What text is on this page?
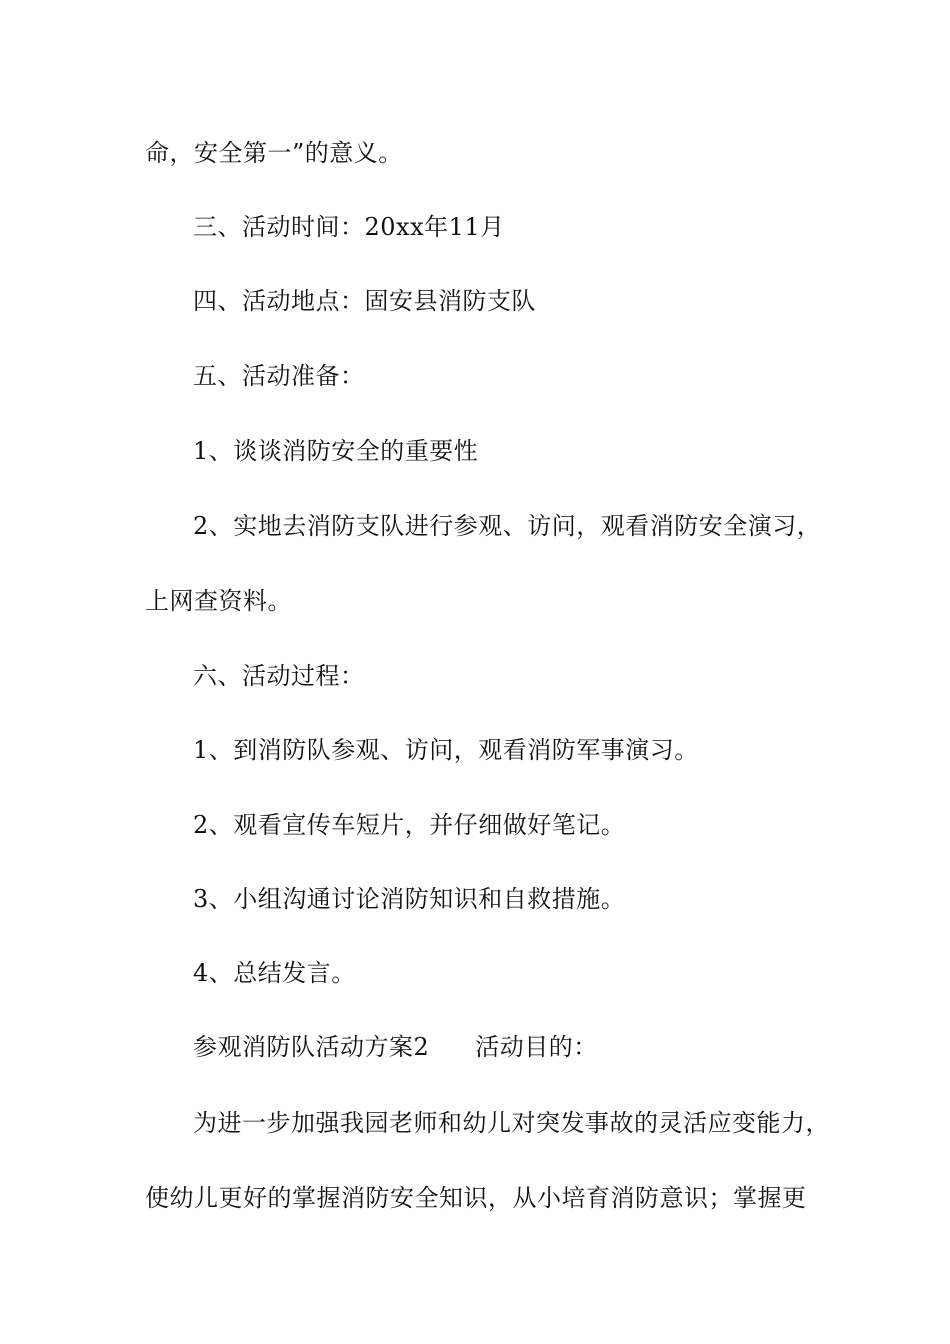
命，安全第一”的意义。
三、活动时间：20xx年11月
四、活动地点：固安县消防支队
五、活动准备：
1、谈谈消防安全的重要性
2、实地去消防支队进行参观、访问，观看消防安全演习，
上网查资料。
六、活动过程：
1、到消防队参观、访问，观看消防军事演习。
2、观看宣传车短片，并仔细做好笔记。
3、小组沟通讨论消防知识和自救措施。
4、总结发言。
参观消防队活动方案2 活动目的：
为进一步加强我园老师和幼儿对突发事故的灵活应变能力，
使幼儿更好的掌握消防安全知识，从小培育消防意识；掌握更
